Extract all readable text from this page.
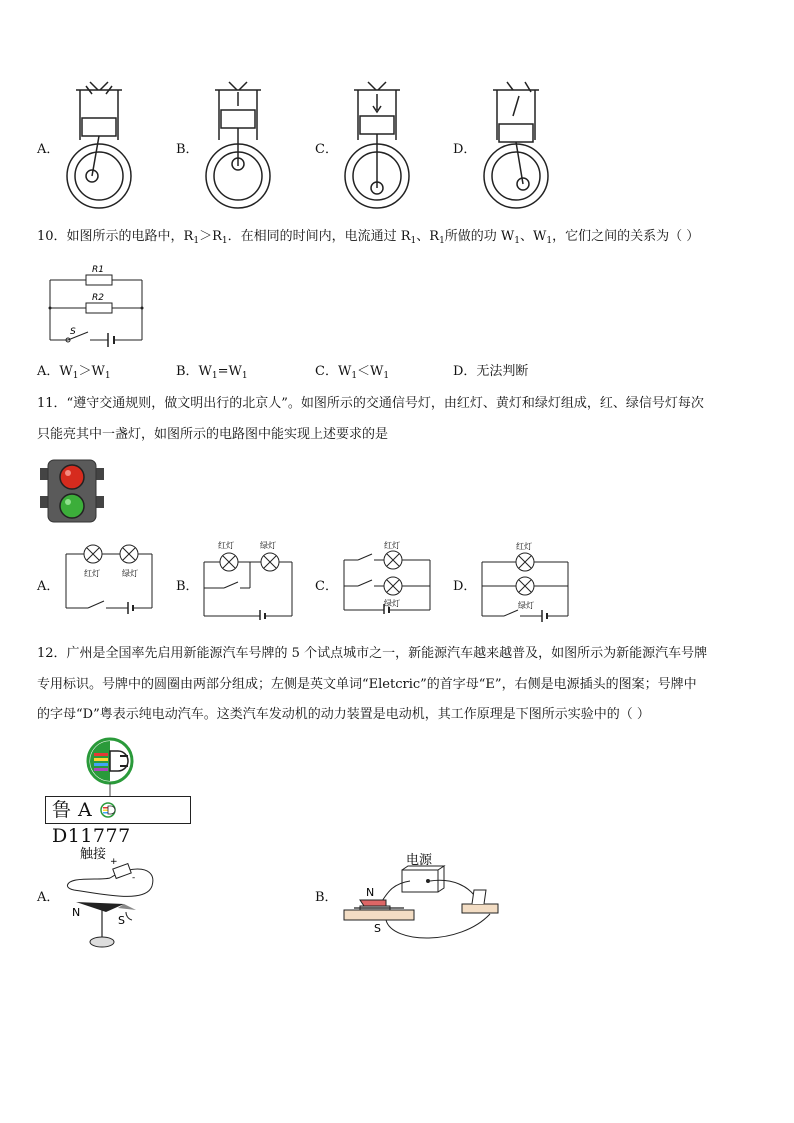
A．	B．	C．	D．
10．如图所示的电路中，$R_1>R_1$．在相同的时间内，电流通过 $R_1$、$R_1$所做的功 $W_1$、$W_1$，它们之间的关系为（ ）
R1
R2
S
A．$W_1>W_1$	B．$W_1=W_1$	C．$W_1<W_1$	D．无法判断
11．“遵守交通规则，做文明出行的北京人”。如图所示的交通信号灯，由红灯、黄灯和绿灯组成，红、绿信号灯每次
只能亮其中一盏灯，如图所示的电路图中能实现上述要求的是
A．	B．	C．	D．
红灯	绿灯
红灯	绿灯	红灯
绿灯
红灯
绿灯
12．广州是全国率先启用新能源汽车号牌的 5 个试点城市之一，新能源汽车越来越普及，如图所示为新能源汽车号牌
专用标识。号牌中的圆圈由两部分组成；左侧是英文单词“Eletcric”的首字母“E”，右侧是电源插头的图案；号牌中
的字母“D”粤表示纯电动汽车。这类汽车发动机的动力装置是电动机，其工作原理是下图所示实验中的（ ）
鲁 A  D11777
A．	B．
触接 +
-
N
S
电源
N
S
